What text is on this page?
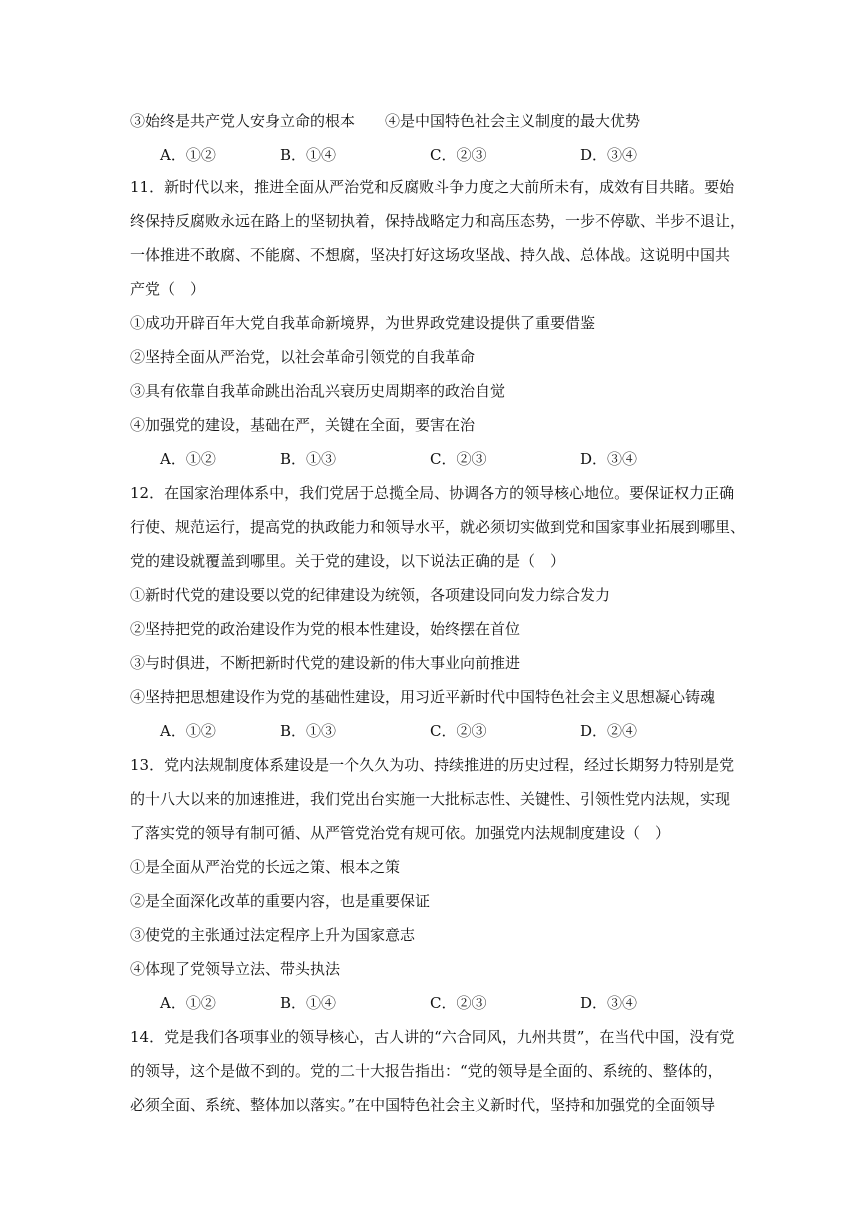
③始终是共产党人安身立命的根本　　④是中国特色社会主义制度的最大优势
11．新时代以来，推进全面从严治党和反腐败斗争力度之大前所未有，成效有目共睹。要始
终保持反腐败永远在路上的坚韧执着，保持战略定力和高压态势，一步不停歇、半步不退让，
一体推进不敢腐、不能腐、不想腐，坚决打好这场攻坚战、持久战、总体战。这说明中国共
产党（　）
①成功开辟百年大党自我革命新境界，为世界政党建设提供了重要借鉴
②坚持全面从严治党，以社会革命引领党的自我革命
③具有依靠自我革命跳出治乱兴衰历史周期率的政治自觉
④加强党的建设，基础在严，关键在全面，要害在治
12．在国家治理体系中，我们党居于总揽全局、协调各方的领导核心地位。要保证权力正确
行使、规范运行，提高党的执政能力和领导水平，就必须切实做到党和国家事业拓展到哪里、
党的建设就覆盖到哪里。关于党的建设，以下说法正确的是（　）
①新时代党的建设要以党的纪律建设为统领，各项建设同向发力综合发力
②坚持把党的政治建设作为党的根本性建设，始终摆在首位
③与时俱进，不断把新时代党的建设新的伟大事业向前推进
④坚持把思想建设作为党的基础性建设，用习近平新时代中国特色社会主义思想凝心铸魂
13．党内法规制度体系建设是一个久久为功、持续推进的历史过程，经过长期努力特别是党
的十八大以来的加速推进，我们党出台实施一大批标志性、关键性、引领性党内法规，实现
了落实党的领导有制可循、从严管党治党有规可依。加强党内法规制度建设（　）
①是全面从严治党的长远之策、根本之策
②是全面深化改革的重要内容，也是重要保证
③使党的主张通过法定程序上升为国家意志
④体现了党领导立法、带头执法
14．党是我们各项事业的领导核心，古人讲的“六合同风，九州共贯”，在当代中国，没有党
的领导，这个是做不到的。党的二十大报告指出：“党的领导是全面的、系统的、整体的，
必须全面、系统、整体加以落实。”在中国特色社会主义新时代，坚持和加强党的全面领导
A．①②	B．①④	C．②③	D．③④
A．①②	B．①③	C．②③	D．③④
A．①②	B．①③	C．②③	D．②④
A．①②	B．①④	C．②③	D．③④
